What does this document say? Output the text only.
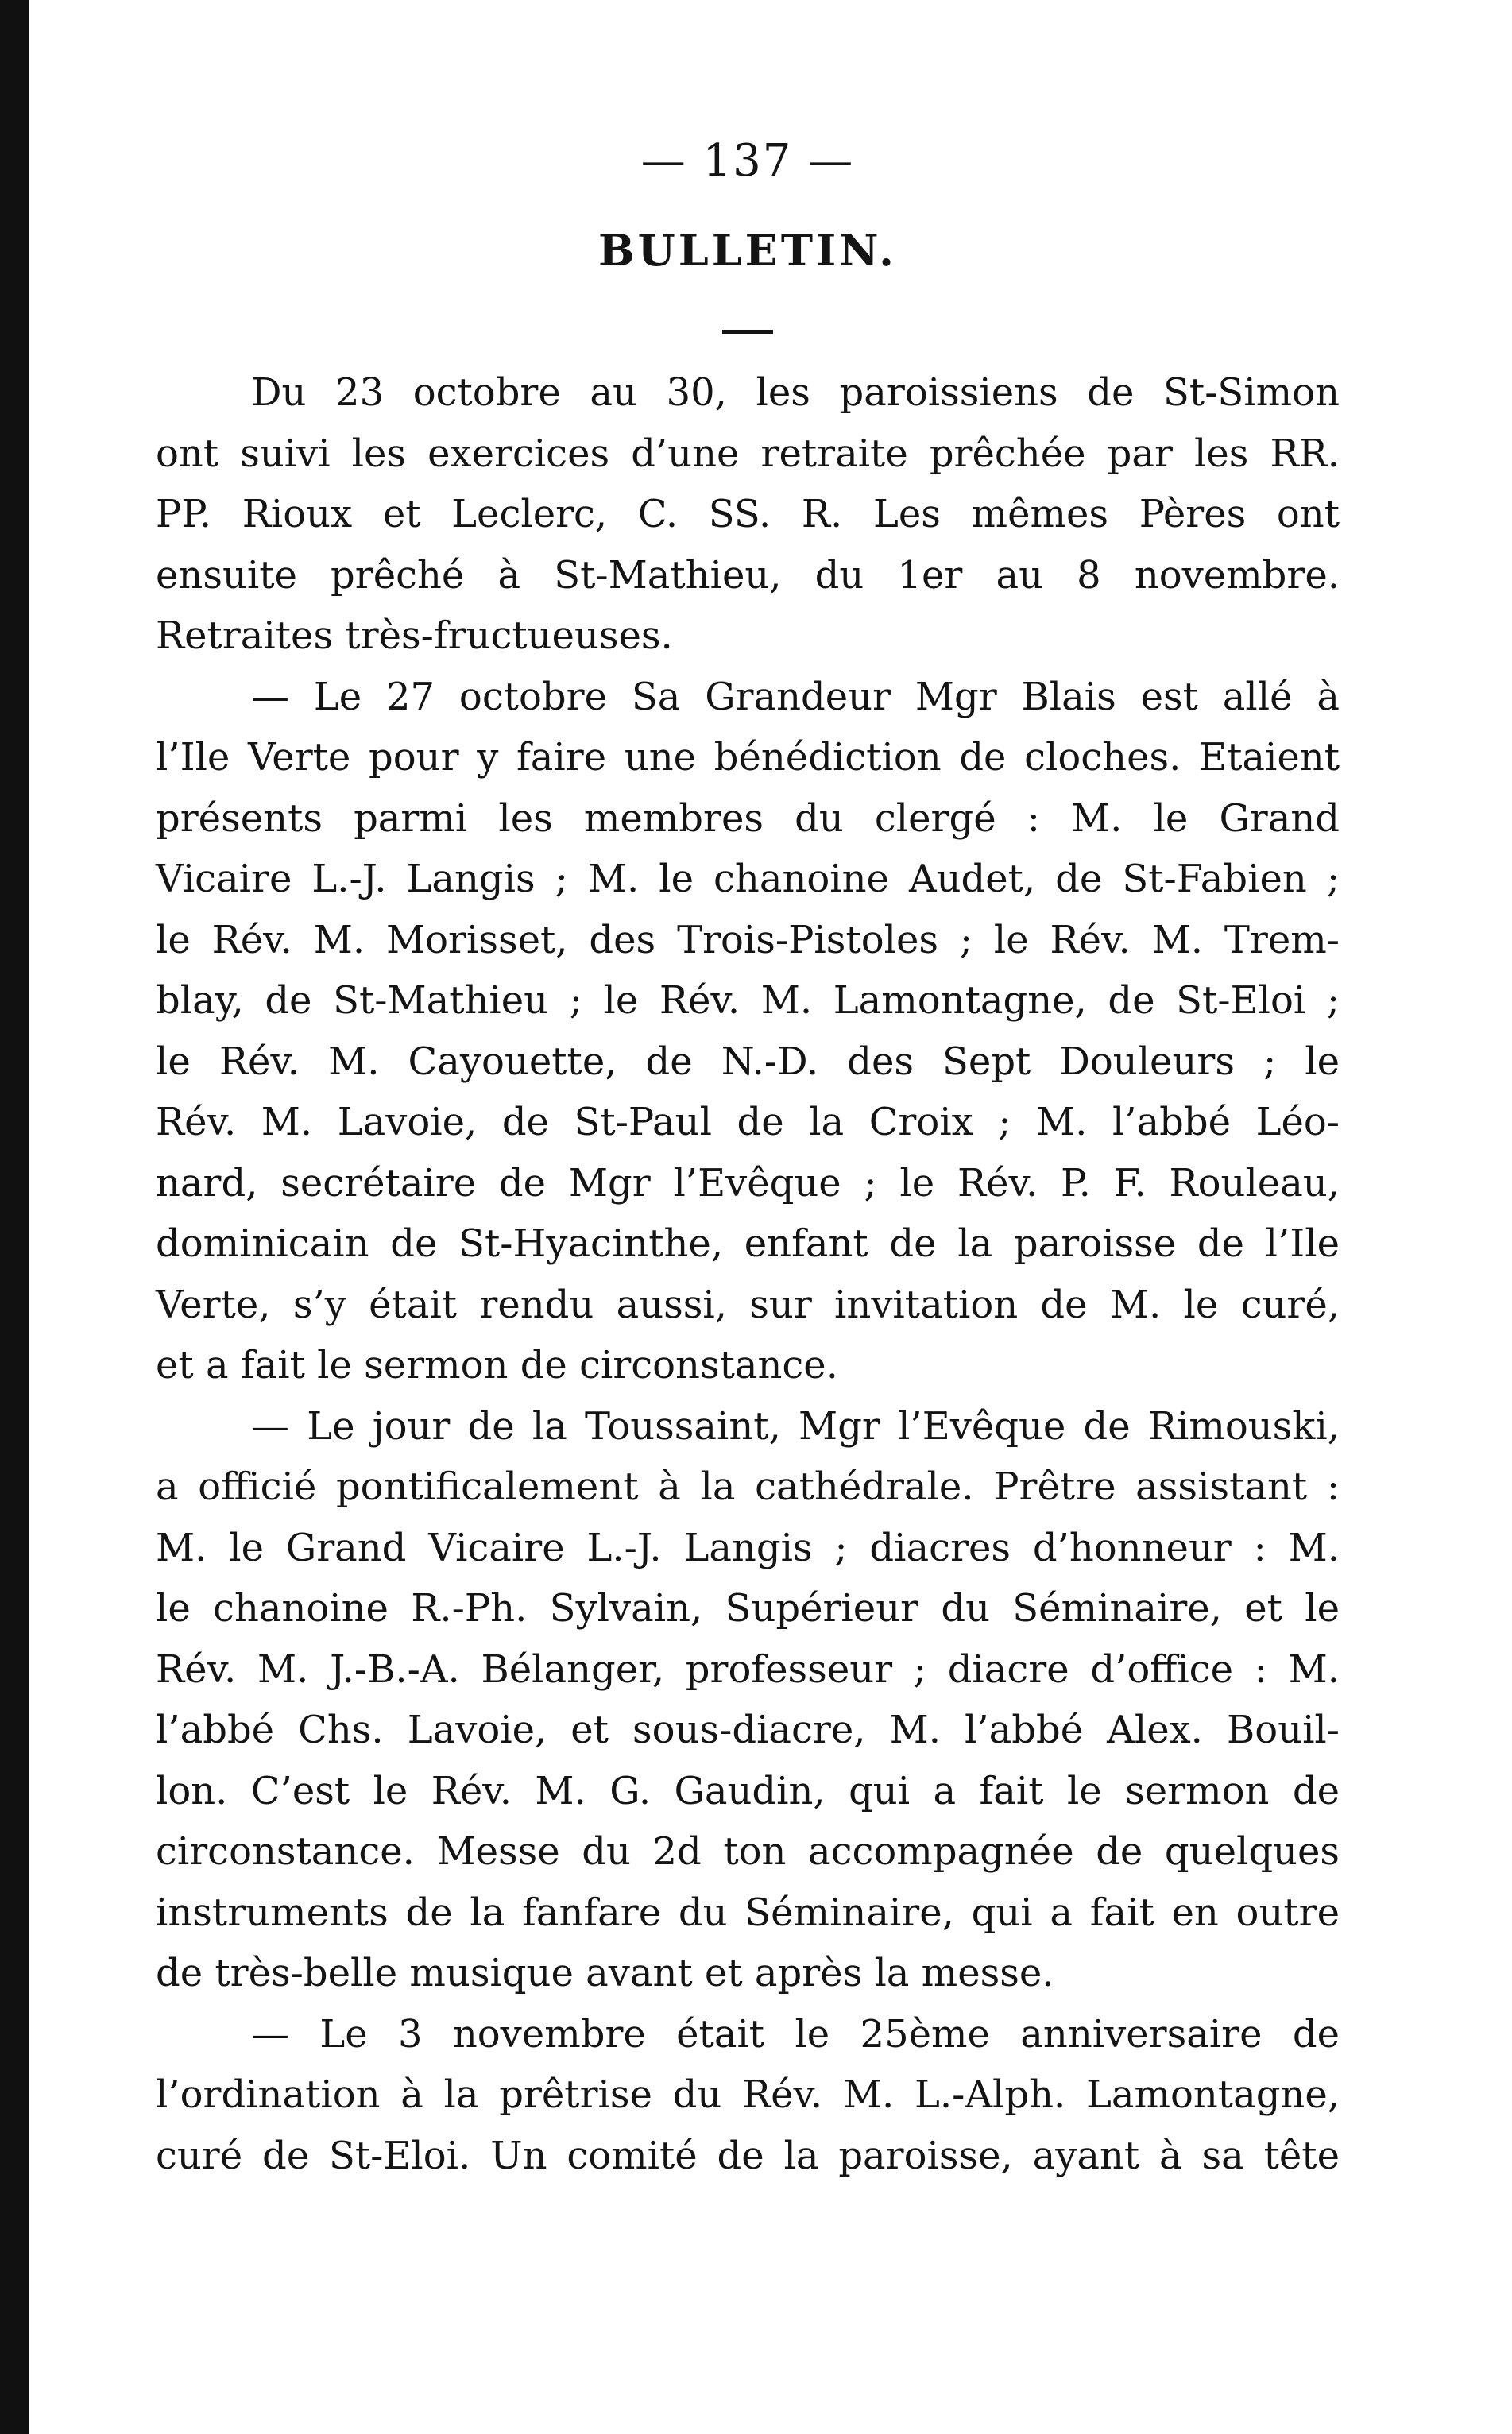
— 137 —
BULLETIN.
Du 23 octobre au 30, les paroissiens de St-Simon
ont suivi les exercices d’une retraite prêchée par les RR.
PP. Rioux et Leclerc, C. SS. R. Les mêmes Pères ont
ensuite prêché à St-Mathieu, du 1er au 8 novembre.
Retraites très-fructueuses.
— Le 27 octobre Sa Grandeur Mgr Blais est allé à
l’Ile Verte pour y faire une bénédiction de cloches. Etaient
présents parmi les membres du clergé : M. le Grand
Vicaire L.-J. Langis ; M. le chanoine Audet, de St-Fabien ;
le Rév. M. Morisset, des Trois-Pistoles ; le Rév. M. Trem-
blay, de St-Mathieu ; le Rév. M. Lamontagne, de St-Eloi ;
le Rév. M. Cayouette, de N.-D. des Sept Douleurs ; le
Rév. M. Lavoie, de St-Paul de la Croix ; M. l’abbé Léo-
nard, secrétaire de Mgr l’Evêque ; le Rév. P. F. Rouleau,
dominicain de St-Hyacinthe, enfant de la paroisse de l’Ile
Verte, s’y était rendu aussi, sur invitation de M. le curé,
et a fait le sermon de circonstance.
— Le jour de la Toussaint, Mgr l’Evêque de Rimouski,
a officié pontificalement à la cathédrale. Prêtre assistant :
M. le Grand Vicaire L.-J. Langis ; diacres d’honneur : M.
le chanoine R.-Ph. Sylvain, Supérieur du Séminaire, et le
Rév. M. J.-B.-A. Bélanger, professeur ; diacre d’office : M.
l’abbé Chs. Lavoie, et sous-diacre, M. l’abbé Alex. Bouil-
lon. C’est le Rév. M. G. Gaudin, qui a fait le sermon de
circonstance. Messe du 2d ton accompagnée de quelques
instruments de la fanfare du Séminaire, qui a fait en outre
de très-belle musique avant et après la messe.
— Le 3 novembre était le 25ème anniversaire de
l’ordination à la prêtrise du Rév. M. L.-Alph. Lamontagne,
curé de St-Eloi. Un comité de la paroisse, ayant à sa tête
